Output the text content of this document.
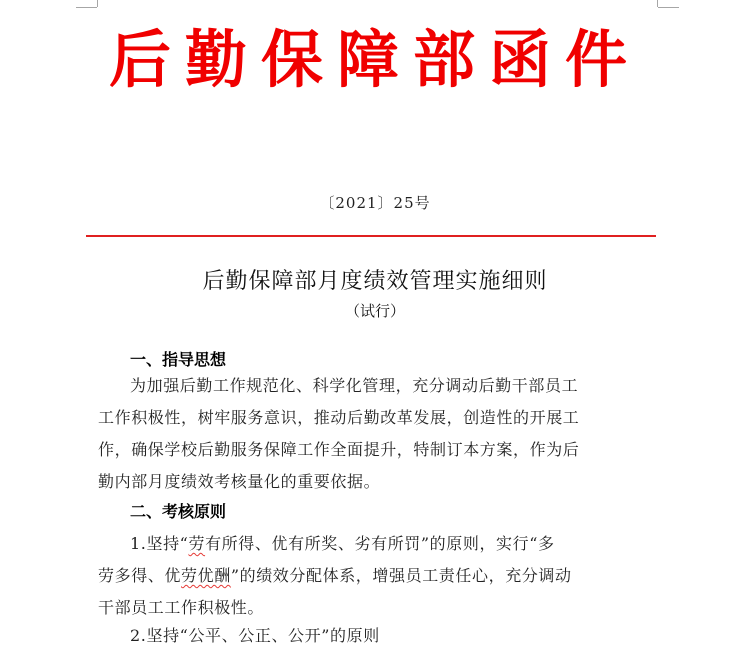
后勤保障部函件
〔2021〕25号
后勤保障部月度绩效管理实施细则
（试行）
一、指导思想
为加强后勤工作规范化、科学化管理，充分调动后勤干部员工
工作积极性，树牢服务意识，推动后勤改革发展，创造性的开展工
作，确保学校后勤服务保障工作全面提升，特制订本方案，作为后
勤内部月度绩效考核量化的重要依据。
二、考核原则
1.坚持“劳有所得、优有所奖、劣有所罚”的原则，实行“多
劳多得、优劳优酬”的绩效分配体系，增强员工责任心，充分调动
干部员工工作积极性。
2.坚持“公平、公正、公开”的原则
